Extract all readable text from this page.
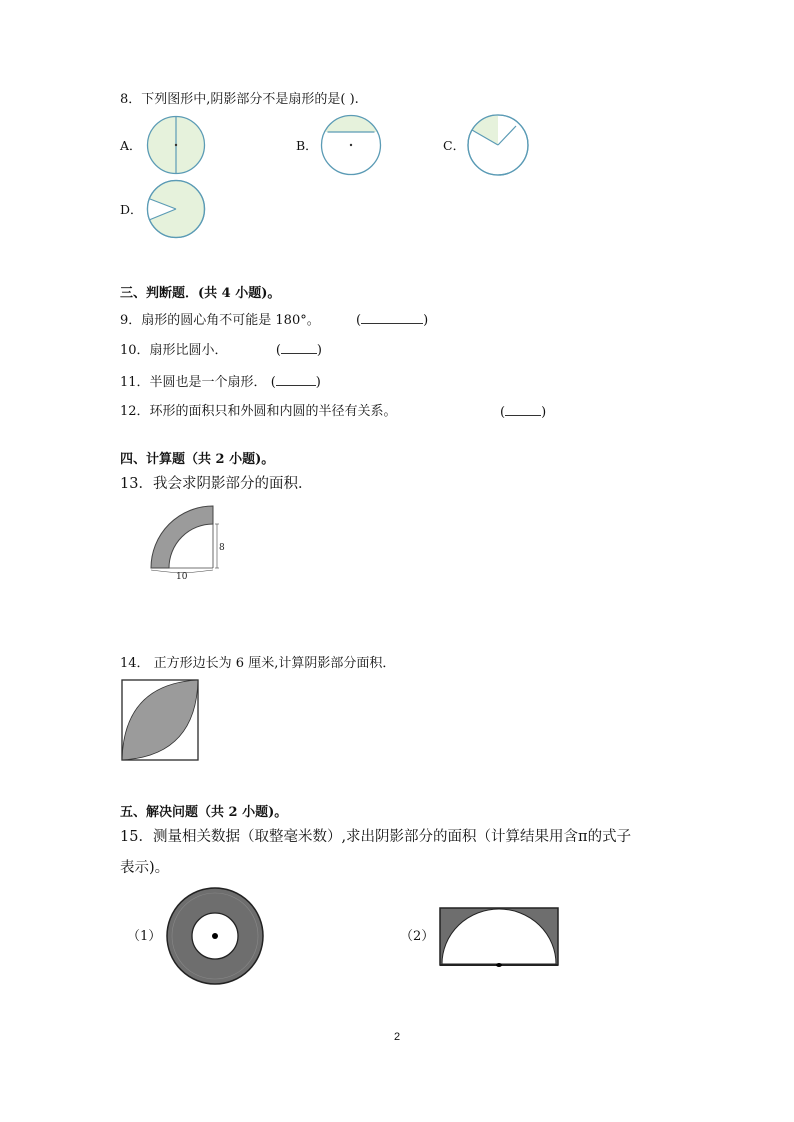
8．下列图形中,阴影部分不是扇形的是( ).
A．	B．	C．
D．
三、判断题．(共 4 小题)。
9．扇形的圆心角不可能是 180°。	(	)
10．扇形比圆小．	(	)
11．半圆也是一个扇形． (	)
12．环形的面积只和外圆和内圆的半径有关系。	(	)
四、计算题（共 2 小题)。
13．我会求阴影部分的面积．
8
10
14． 正方形边长为 6 厘米,计算阴影部分面积．
五、解决问题（共 2 小题)。
15．测量相关数据（取整毫米数）,求出阴影部分的面积（计算结果用含π的式子
表示)。
（1）	（2）
2
